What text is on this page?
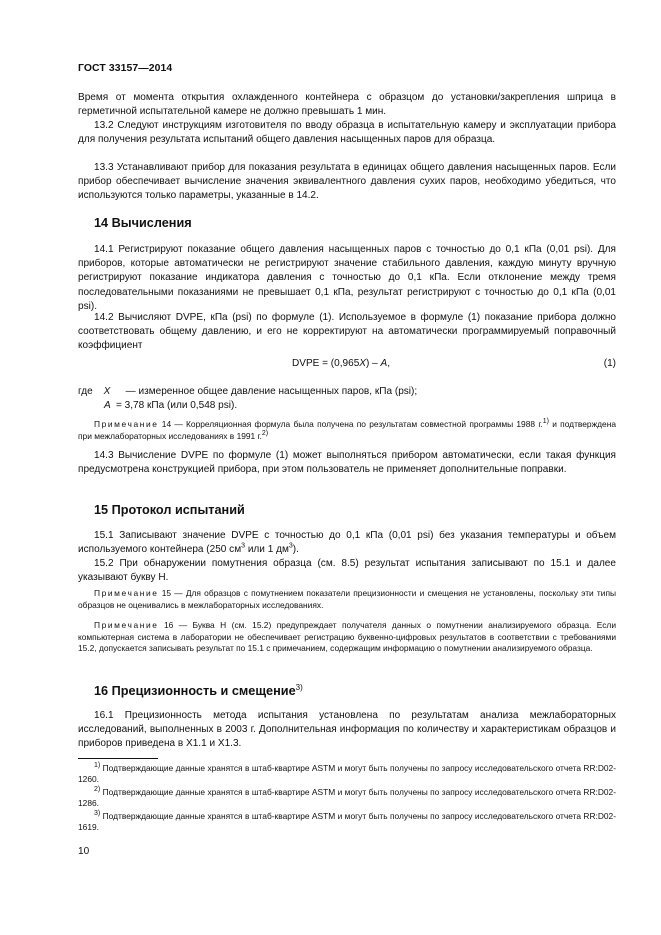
ГОСТ 33157—2014
Время от момента открытия охлажденного контейнера с образцом до установки/закрепления шприца в герметичной испытательной камере не должно превышать 1 мин.
13.2 Следуют инструкциям изготовителя по вводу образца в испытательную камеру и эксплуатации прибора для получения результата испытаний общего давления насыщенных паров для образца.
13.3 Устанавливают прибор для показания результата в единицах общего давления насыщенных паров. Если прибор обеспечивает вычисление значения эквивалентного давления сухих паров, необходимо убедиться, что используются только параметры, указанные в 14.2.
14 Вычисления
14.1 Регистрируют показание общего давления насыщенных паров с точностью до 0,1 кПа (0,01 psi). Для приборов, которые автоматически не регистрируют значение стабильного давления, каждую минуту вручную регистрируют показание индикатора давления с точностью до 0,1 кПа. Если отклонение между тремя последовательными показаниями не превышает 0,1 кПа, результат регистрируют с точностью до 0,1 кПа (0,01 psi).
14.2 Вычисляют DVPE, кПа (psi) по формуле (1). Используемое в формуле (1) показание прибора должно соответствовать общему давлению, и его не корректируют на автоматически программируемый поправочный коэффициент
DVPE = (0,965X) – A,	(1)
где X — измеренное общее давление насыщенных паров, кПа (psi);
A = 3,78 кПа (или 0,548 psi).
Примечание 14 — Корреляционная формула была получена по результатам совместной программы 1988 г.$^{1)}$ и подтверждена при межлабораторных исследованиях в 1991 г.$^{2)}$
14.3 Вычисление DVPE по формуле (1) может выполняться прибором автоматически, если такая функция предусмотрена конструкцией прибора, при этом пользователь не применяет дополнительные поправки.
15 Протокол испытаний
15.1 Записывают значение DVPE с точностью до 0,1 кПа (0,01 psi) без указания температуры и объем используемого контейнера (250 $см^3$ или 1 $дм^3$).
15.2 При обнаружении помутнения образца (см. 8.5) результат испытания записывают по 15.1 и далее указывают букву Н.
Примечание 15 — Для образцов с помутнением показатели прецизионности и смещения не установлены, поскольку эти типы образцов не оценивались в межлабораторных исследованиях.
Примечание 16 — Буква Н (см. 15.2) предупреждает получателя данных о помутнении анализируемого образца. Если компьютерная система в лаборатории не обеспечивает регистрацию буквенно-цифровых результатов в соответствии с требованиями 15.2, допускается записывать результат по 15.1 с примечанием, содержащим информацию о помутнении анализируемого образца.
16 Прецизионность и смещение$^{3)}$
16.1 Прецизионность метода испытания установлена по результатам анализа межлабораторных исследований, выполненных в 2003 г. Дополнительная информация по количеству и характеристикам образцов и приборов приведена в X1.1 и X1.3.
$^{1)}$ Подтверждающие данные хранятся в штаб-квартире ASTM и могут быть получены по запросу исследовательского отчета RR:D02-1260.
$^{2)}$ Подтверждающие данные хранятся в штаб-квартире ASTM и могут быть получены по запросу исследовательского отчета RR:D02-1286.
$^{3)}$ Подтверждающие данные хранятся в штаб-квартире ASTM и могут быть получены по запросу исследовательского отчета RR:D02-1619.
10
